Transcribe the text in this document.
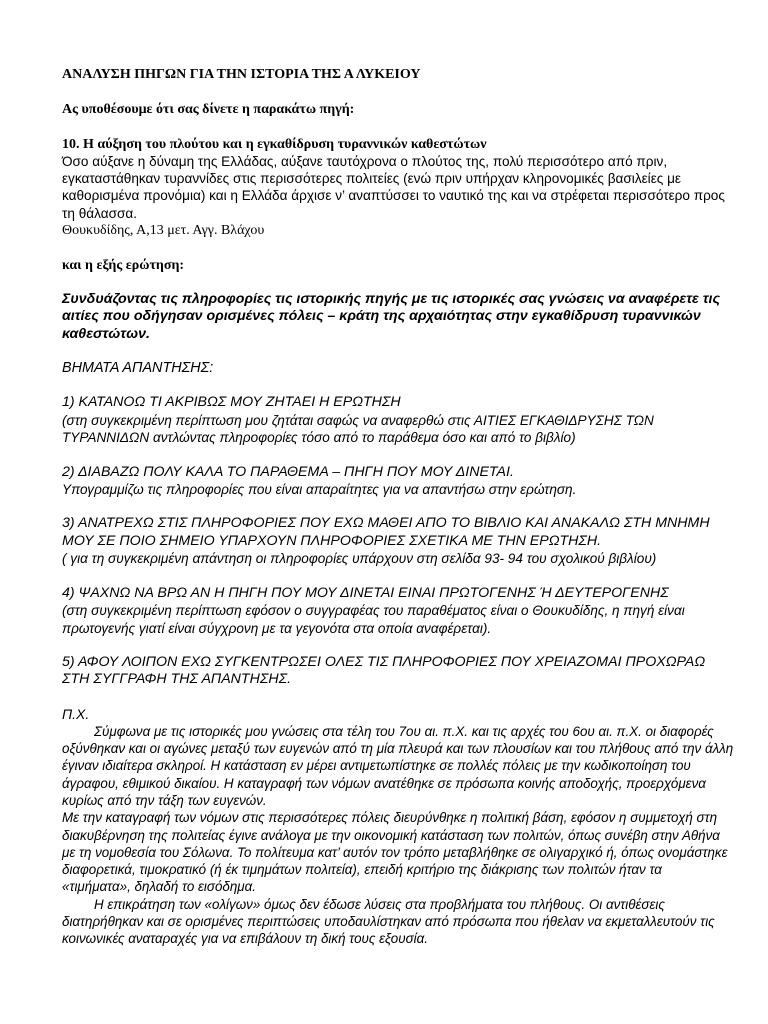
ΑΝΑΛΥΣΗ ΠΗΓΩΝ ΓΙΑ ΤΗΝ ΙΣΤΟΡΙΑ ΤΗΣ Α ΛΥΚΕΙΟΥ

Ας υποθέσουμε ότι σας δίνετε η παρακάτω πηγή:

10. Η αύξηση του πλούτου και η εγκαθίδρυση τυραννικών καθεστώτων

Όσο αύξανε η δύναμη της Ελλάδας, αύξανε ταυτόχρονα ο πλούτος της, πολύ περισσότερο από πριν, εγκαταστάθηκαν τυραννίδες στις περισσότερες πολιτείες (ενώ πριν υπήρχαν κληρονομικές βασιλείες με καθορισμένα προνόμια) και η Ελλάδα άρχισε ν’ αναπτύσσει το ναυτικό της και να στρέφεται περισσότερο προς τη θάλασσα.

Θουκυδίδης, Α,13 μετ. Αγγ. Βλάχου

και η εξής ερώτηση:

Συνδυάζοντας τις πληροφορίες τις ιστορικής πηγής με τις ιστορικές σας γνώσεις να αναφέρετε τις αιτίες που οδήγησαν ορισμένες πόλεις – κράτη της αρχαιότητας στην εγκαθίδρυση τυραννικών καθεστώτων.

ΒΗΜΑΤΑ ΑΠΑΝΤΗΣΗΣ:

1) ΚΑΤΑΝΟΩ ΤΙ ΑΚΡΙΒΩΣ ΜΟΥ ΖΗΤΑΕΙ Η ΕΡΩΤΗΣΗ

(στη συγκεκριμένη περίπτωση μου ζητάται σαφώς να αναφερθώ στις ΑΙΤΙΕΣ ΕΓΚΑΘΙΔΡΥΣΗΣ ΤΩΝ ΤΥΡΑΝΝΙΔΩΝ αντλώντας πληροφορίες τόσο από το παράθεμα όσο και από το βιβλίο)

2) ΔΙΑΒΑΖΩ ΠΟΛΥ ΚΑΛΑ ΤΟ ΠΑΡΑΘΕΜΑ – ΠΗΓΗ ΠΟΥ ΜΟΥ ΔΙΝΕΤΑΙ.

Υπογραμμίζω τις πληροφορίες που είναι απαραίτητες για να απαντήσω στην ερώτηση.

3) ΑΝΑΤΡΕΧΩ ΣΤΙΣ ΠΛΗΡΟΦΟΡΙΕΣ ΠΟΥ ΕΧΩ ΜΑΘΕΙ ΑΠΟ ΤΟ ΒΙΒΛΙΟ ΚΑΙ ΑΝΑΚΑΛΩ ΣΤΗ ΜΝΗΜΗ ΜΟΥ ΣΕ ΠΟΙΟ ΣΗΜΕΙΟ ΥΠΑΡΧΟΥΝ ΠΛΗΡΟΦΟΡΙΕΣ ΣΧΕΤΙΚΑ ΜΕ ΤΗΝ ΕΡΩΤΗΣΗ.

( για τη συγκεκριμένη απάντηση οι πληροφορίες υπάρχουν στη σελίδα 93- 94 του σχολικού βιβλίου)

4) ΨΑΧΝΩ ΝΑ ΒΡΩ ΑΝ Η ΠΗΓΗ ΠΟΥ ΜΟΥ ΔΙΝΕΤΑΙ ΕΙΝΑΙ ΠΡΩΤΟΓΕΝΗΣ Ή ΔΕΥΤΕΡΟΓΕΝΗΣ

(στη συγκεκριμένη περίπτωση εφόσον ο συγγραφέας του παραθέματος είναι ο Θουκυδίδης, η πηγή είναι πρωτογενής γιατί είναι σύγχρονη με τα γεγονότα στα οποία αναφέρεται).

5) ΑΦΟΥ ΛΟΙΠΟΝ ΕΧΩ ΣΥΓΚΕΝΤΡΩΣΕΙ ΟΛΕΣ ΤΙΣ ΠΛΗΡΟΦΟΡΙΕΣ ΠΟΥ ΧΡΕΙΑΖΟΜΑΙ ΠΡΟΧΩΡΑΩ ΣΤΗ ΣΥΓΓΡΑΦΗ ΤΗΣ ΑΠΑΝΤΗΣΗΣ.

Π.Χ.

Σύμφωνα με τις ιστορικές μου γνώσεις στα τέλη του 7ου αι. π.Χ. και τις αρχές του 6ου αι. π.Χ. οι διαφορές οξύνθηκαν και οι αγώνες μεταξύ των ευγενών από τη μία πλευρά και των πλουσίων και του πλήθους από την άλλη έγιναν ιδιαίτερα σκληροί. Η κατάσταση εν μέρει αντιμετωπίστηκε σε πολλές πόλεις με την κωδικοποίηση του άγραφου, εθιμικού δικαίου. Η καταγραφή των νόμων ανατέθηκε σε πρόσωπα κοινής αποδοχής, προερχόμενα κυρίως από την τάξη των ευγενών.

Με την καταγραφή των νόμων στις περισσότερες πόλεις διευρύνθηκε η πολιτική βάση, εφόσον η συμμετοχή στη διακυβέρνηση της πολιτείας έγινε ανάλογα με την οικονομική κατάσταση των πολιτών, όπως συνέβη στην Αθήνα με τη νομοθεσία του Σόλωνα. Το πολίτευμα κατ’ αυτόν τον τρόπο μεταβλήθηκε σε ολιγαρχικό ή, όπως ονομάστηκε διαφορετικά, τιμοκρατικό (ή έκ τιμημάτων πολιτεία), επειδή κριτήριο της διάκρισης των πολιτών ήταν τα «τιμήματα», δηλαδή το εισόδημα.

Η επικράτηση των «ολίγων» όμως δεν έδωσε λύσεις στα προβλήματα του πλήθους. Οι αντιθέσεις διατηρήθηκαν και σε ορισμένες περιπτώσεις υποδαυλίστηκαν από πρόσωπα που ήθελαν να εκμεταλλευτούν τις κοινωνικές αναταραχές για να επιβάλουν τη δική τους εξουσία.
